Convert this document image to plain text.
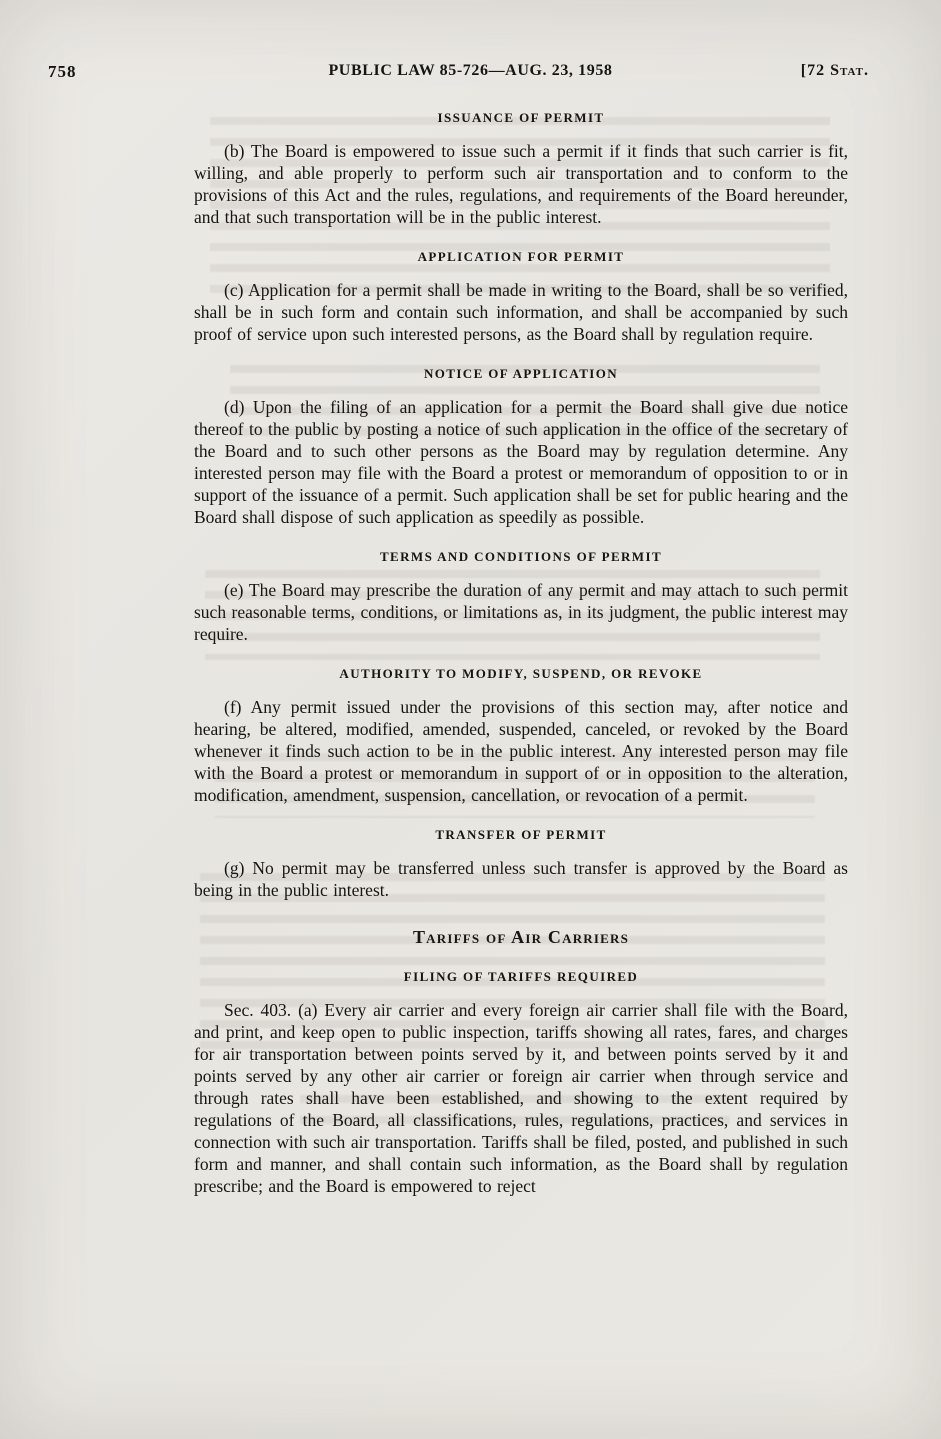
758	PUBLIC LAW 85-726—AUG. 23, 1958	[72 Stat.
ISSUANCE OF PERMIT

(b) The Board is empowered to issue such a permit if it finds that such carrier is fit, willing, and able properly to perform such air transportation and to conform to the provisions of this Act and the rules, regulations, and requirements of the Board hereunder, and that such transportation will be in the public interest.

APPLICATION FOR PERMIT

(c) Application for a permit shall be made in writing to the Board, shall be so verified, shall be in such form and contain such information, and shall be accompanied by such proof of service upon such interested persons, as the Board shall by regulation require.

NOTICE OF APPLICATION

(d) Upon the filing of an application for a permit the Board shall give due notice thereof to the public by posting a notice of such application in the office of the secretary of the Board and to such other persons as the Board may by regulation determine. Any interested person may file with the Board a protest or memorandum of opposition to or in support of the issuance of a permit. Such application shall be set for public hearing and the Board shall dispose of such application as speedily as possible.

TERMS AND CONDITIONS OF PERMIT

(e) The Board may prescribe the duration of any permit and may attach to such permit such reasonable terms, conditions, or limitations as, in its judgment, the public interest may require.

AUTHORITY TO MODIFY, SUSPEND, OR REVOKE

(f) Any permit issued under the provisions of this section may, after notice and hearing, be altered, modified, amended, suspended, canceled, or revoked by the Board whenever it finds such action to be in the public interest. Any interested person may file with the Board a protest or memorandum in support of or in opposition to the alteration, modification, amendment, suspension, cancellation, or revocation of a permit.

TRANSFER OF PERMIT

(g) No permit may be transferred unless such transfer is approved by the Board as being in the public interest.

Tariffs of Air Carriers
FILING OF TARIFFS REQUIRED

Sec. 403. (a) Every air carrier and every foreign air carrier shall file with the Board, and print, and keep open to public inspection, tariffs showing all rates, fares, and charges for air transportation between points served by it, and between points served by it and points served by any other air carrier or foreign air carrier when through service and through rates shall have been established, and showing to the extent required by regulations of the Board, all classifications, rules, regulations, practices, and services in connection with such air transportation. Tariffs shall be filed, posted, and published in such form and manner, and shall contain such information, as the Board shall by regulation prescribe; and the Board is empowered to reject
